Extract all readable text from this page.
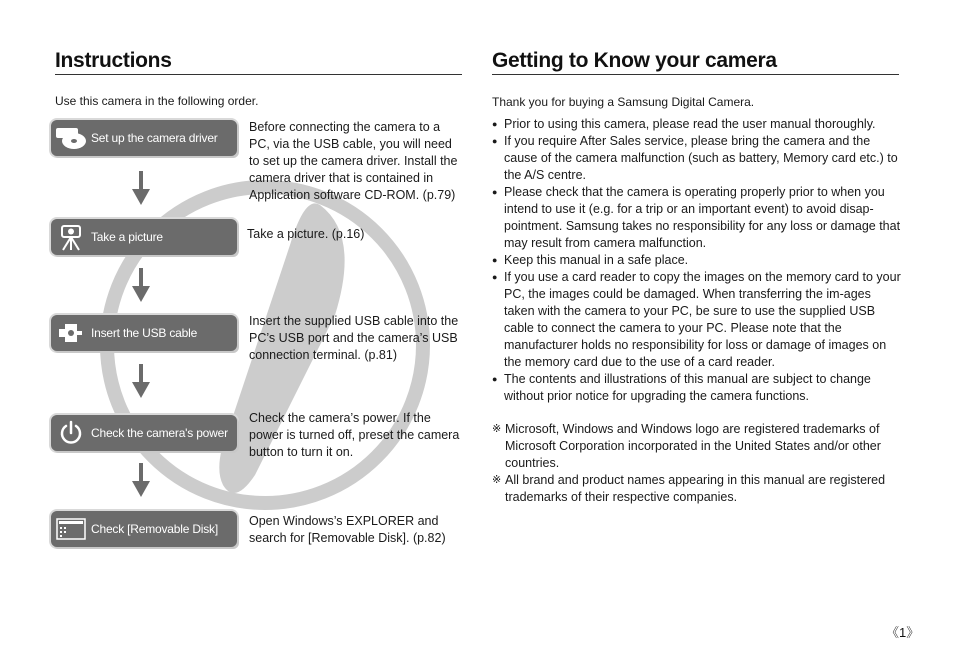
Instructions
Use this camera in the following order.
Set up the camera driver
Before connecting the camera to a PC, via the USB cable, you will need to set up the camera driver. Install the camera driver that is contained in Application software CD-ROM. (p.79)
Take a picture	Take a picture. (p.16)
Insert the USB cable
Insert the supplied USB cable into the PC’s USB port and the camera’s USB connection terminal. (p.81)
Check the camera's power
Check the camera’s power. If the power is turned off, preset the camera button to turn it on.
Check [Removable Disk]
Open Windows’s EXPLORER and search for [Removable Disk]. (p.82)
Getting to Know your camera
Thank you for buying a Samsung Digital Camera.
● Prior to using this camera, please read the user manual thoroughly.
● If you require After Sales service, please bring the camera and the cause of the camera malfunction (such as battery, Memory card etc.) to the A/S centre.
● Please check that the camera is operating properly prior to when you intend to use it (e.g. for a trip or an important event) to avoid disap-pointment. Samsung takes no responsibility for any loss or damage that may result from camera malfunction.
● Keep this manual in a safe place.
● If you use a card reader to copy the images on the memory card to your PC, the images could be damaged. When transferring the im-ages taken with the camera to your PC, be sure to use the supplied USB cable to connect the camera to your PC. Please note that the manufacturer holds no responsibility for loss or damage of images on the memory card due to the use of a card reader.
● The contents and illustrations of this manual are subject to change without prior notice for upgrading the camera functions.
※ Microsoft, Windows and Windows logo are registered trademarks of Microsoft Corporation incorporated in the United States and/or other countries.
※ All brand and product names appearing in this manual are registered trademarks of their respective companies.
《1》
